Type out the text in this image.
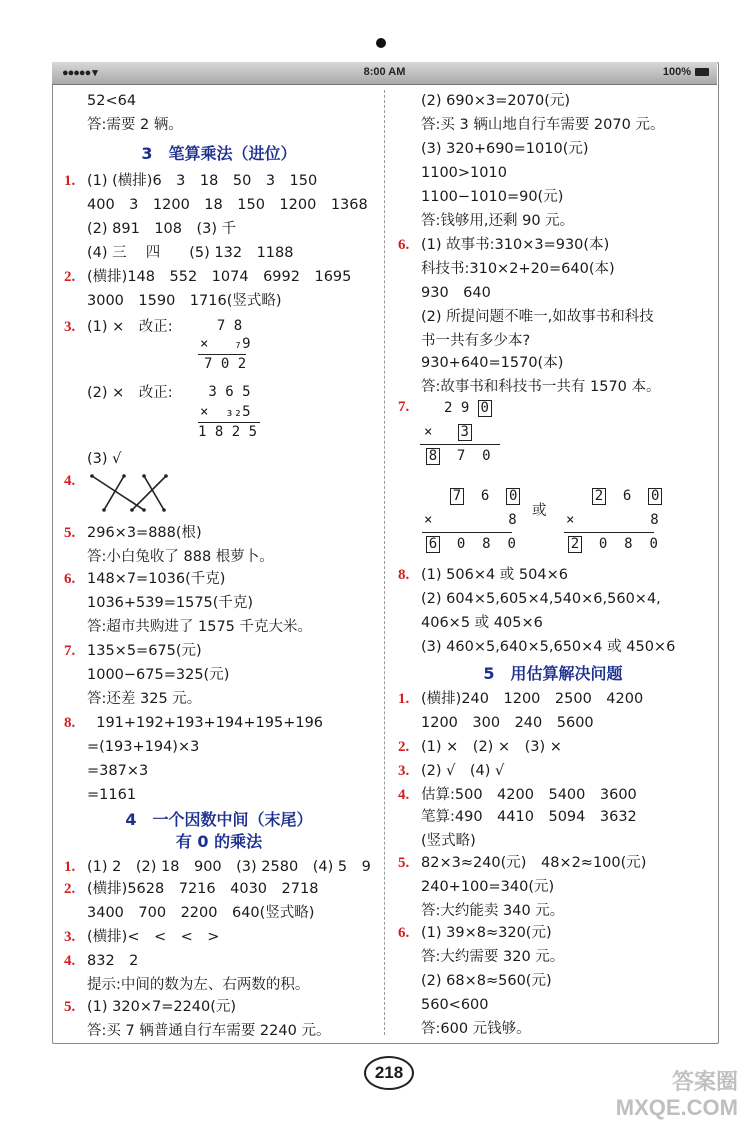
●●●●● ▾	8:00 AM	100%
52<64
答:需要 2 辆。
3　笔算乘法（进位）
1. (1) (横排)6　3　18　50　3　150
400　3　1200　18　150　1200　1368
(2) 891　108　(3) 千
(4) 三　 四　　(5) 132　1188
2. (横排)148　552　1074　6992　1695
3000　1590　1716(竖式略)
3. (1) ×　改正: 7 8
×   ₇9
7 0 2
(2) ×　改正: 3 6 5
×  ₃₂5
1 8 2 5
(3) √
4.
5. 296×3=888(根)
答:小白兔收了 888 根萝卜。
6. 148×7=1036(千克)
1036+539=1575(千克)
答:超市共购进了 1575 千克大米。
7. 135×5=675(元)
1000−675=325(元)
答:还差 325 元。
8. 191+192+193+194+195+196
=(193+194)×3
=387×3
=1161
4　一个因数中间（末尾）
有 0 的乘法
1. (1) 2　(2) 18　900　(3) 2580　(4) 5　9
2. (横排)5628　7216　4030　2718
3400　700　2200　640(竖式略)
3. (横排)<　<　<　>
4. 832　2
提示:中间的数为左、右两数的积。
5. (1) 320×7=2240(元)
答:买 7 辆普通自行车需要 2240 元。
(2) 690×3=2070(元)
答:买 3 辆山地自行车需要 2070 元。
(3) 320+690=1010(元)
1100>1010
1100−1010=90(元)
答:钱够用,还剩 90 元。
6. (1) 故事书:310×3=930(本)
科技书:310×2+20=640(本)
930　640
(2) 所提问题不唯一,如故事书和科技
书一共有多少本?
930+640=1570(本)
答:故事书和科技书一共有 1570 本。
7. 2 9 0
× 3
8 7 0
7 6 0
×	8
6 0 8 0
或
2 6 0
×	8
2 0 8 0
8. (1) 506×4 或 504×6
(2) 604×5,605×4,540×6,560×4,
406×5 或 405×6
(3) 460×5,640×5,650×4 或 450×6
5　用估算解决问题
1. (横排)240　1200　2500　4200
1200　300　240　5600
2. (1) ×　(2) ×　(3) ×
3. (2) √　(4) √
4. 估算:500　4200　5400　3600
笔算:490　4410　5094　3632
(竖式略)
5. 82×3≈240(元)　48×2≈100(元)
240+100=340(元)
答:大约能卖 340 元。
6. (1) 39×8≈320(元)
答:大约需要 320 元。
(2) 68×8≈560(元)
560<600
答:600 元钱够。
218	答案圈
MXQE.COM
